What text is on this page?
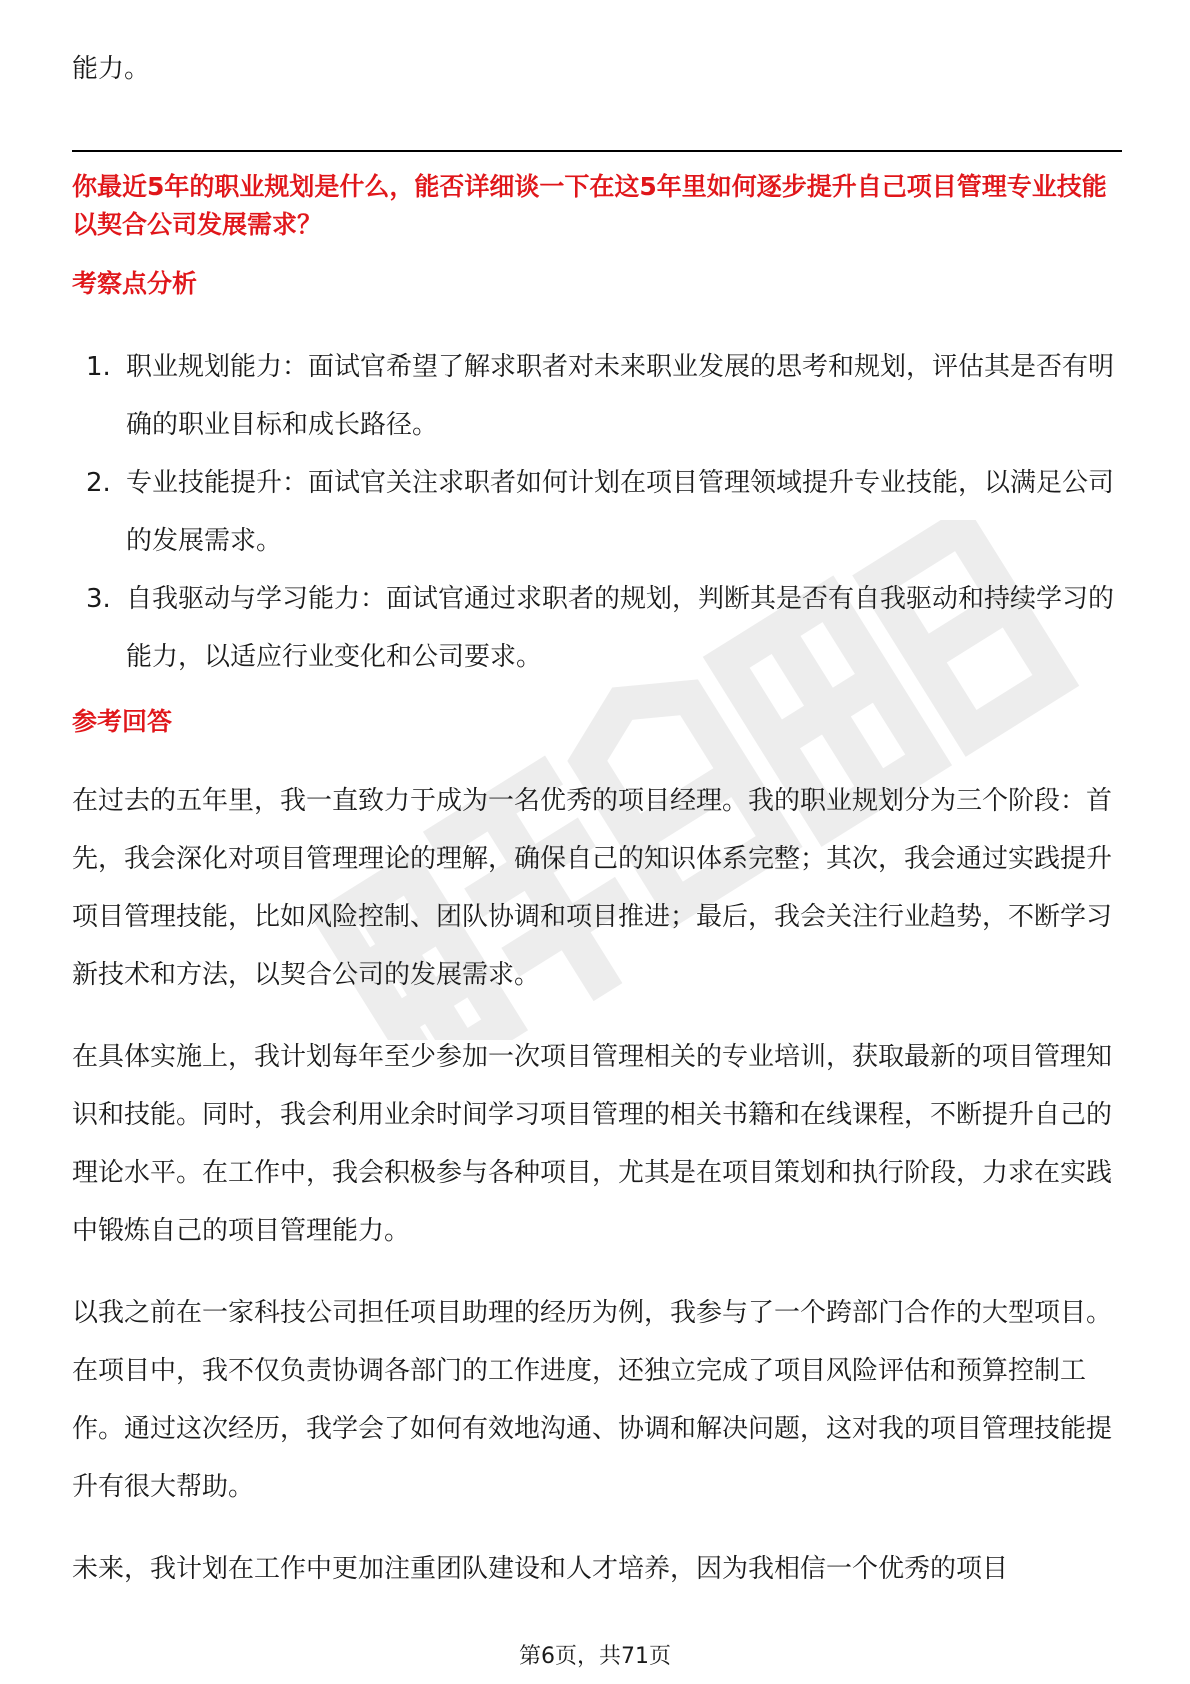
能力。

你最近5年的职业规划是什么，能否详细谈一下在这5年里如何逐步提升自己项目管理专业技能以契合公司发展需求？

考察点分析

1. 职业规划能力：面试官希望了解求职者对未来职业发展的思考和规划，评估其是否有明确的职业目标和成长路径。
2. 专业技能提升：面试官关注求职者如何计划在项目管理领域提升专业技能，以满足公司的发展需求。
3. 自我驱动与学习能力：面试官通过求职者的规划，判断其是否有自我驱动和持续学习的能力，以适应行业变化和公司要求。

参考回答

在过去的五年里，我一直致力于成为一名优秀的项目经理。我的职业规划分为三个阶段：首先，我会深化对项目管理理论的理解，确保自己的知识体系完整；其次，我会通过实践提升项目管理技能，比如风险控制、团队协调和项目推进；最后，我会关注行业趋势，不断学习新技术和方法，以契合公司的发展需求。

在具体实施上，我计划每年至少参加一次项目管理相关的专业培训，获取最新的项目管理知识和技能。同时，我会利用业余时间学习项目管理的相关书籍和在线课程，不断提升自己的理论水平。在工作中，我会积极参与各种项目，尤其是在项目策划和执行阶段，力求在实践中锻炼自己的项目管理能力。

以我之前在一家科技公司担任项目助理的经历为例，我参与了一个跨部门合作的大型项目。在项目中，我不仅负责协调各部门的工作进度，还独立完成了项目风险评估和预算控制工作。通过这次经历，我学会了如何有效地沟通、协调和解决问题，这对我的项目管理技能提升有很大帮助。

未来，我计划在工作中更加注重团队建设和人才培养，因为我相信一个优秀的项目

第6页，共71页
